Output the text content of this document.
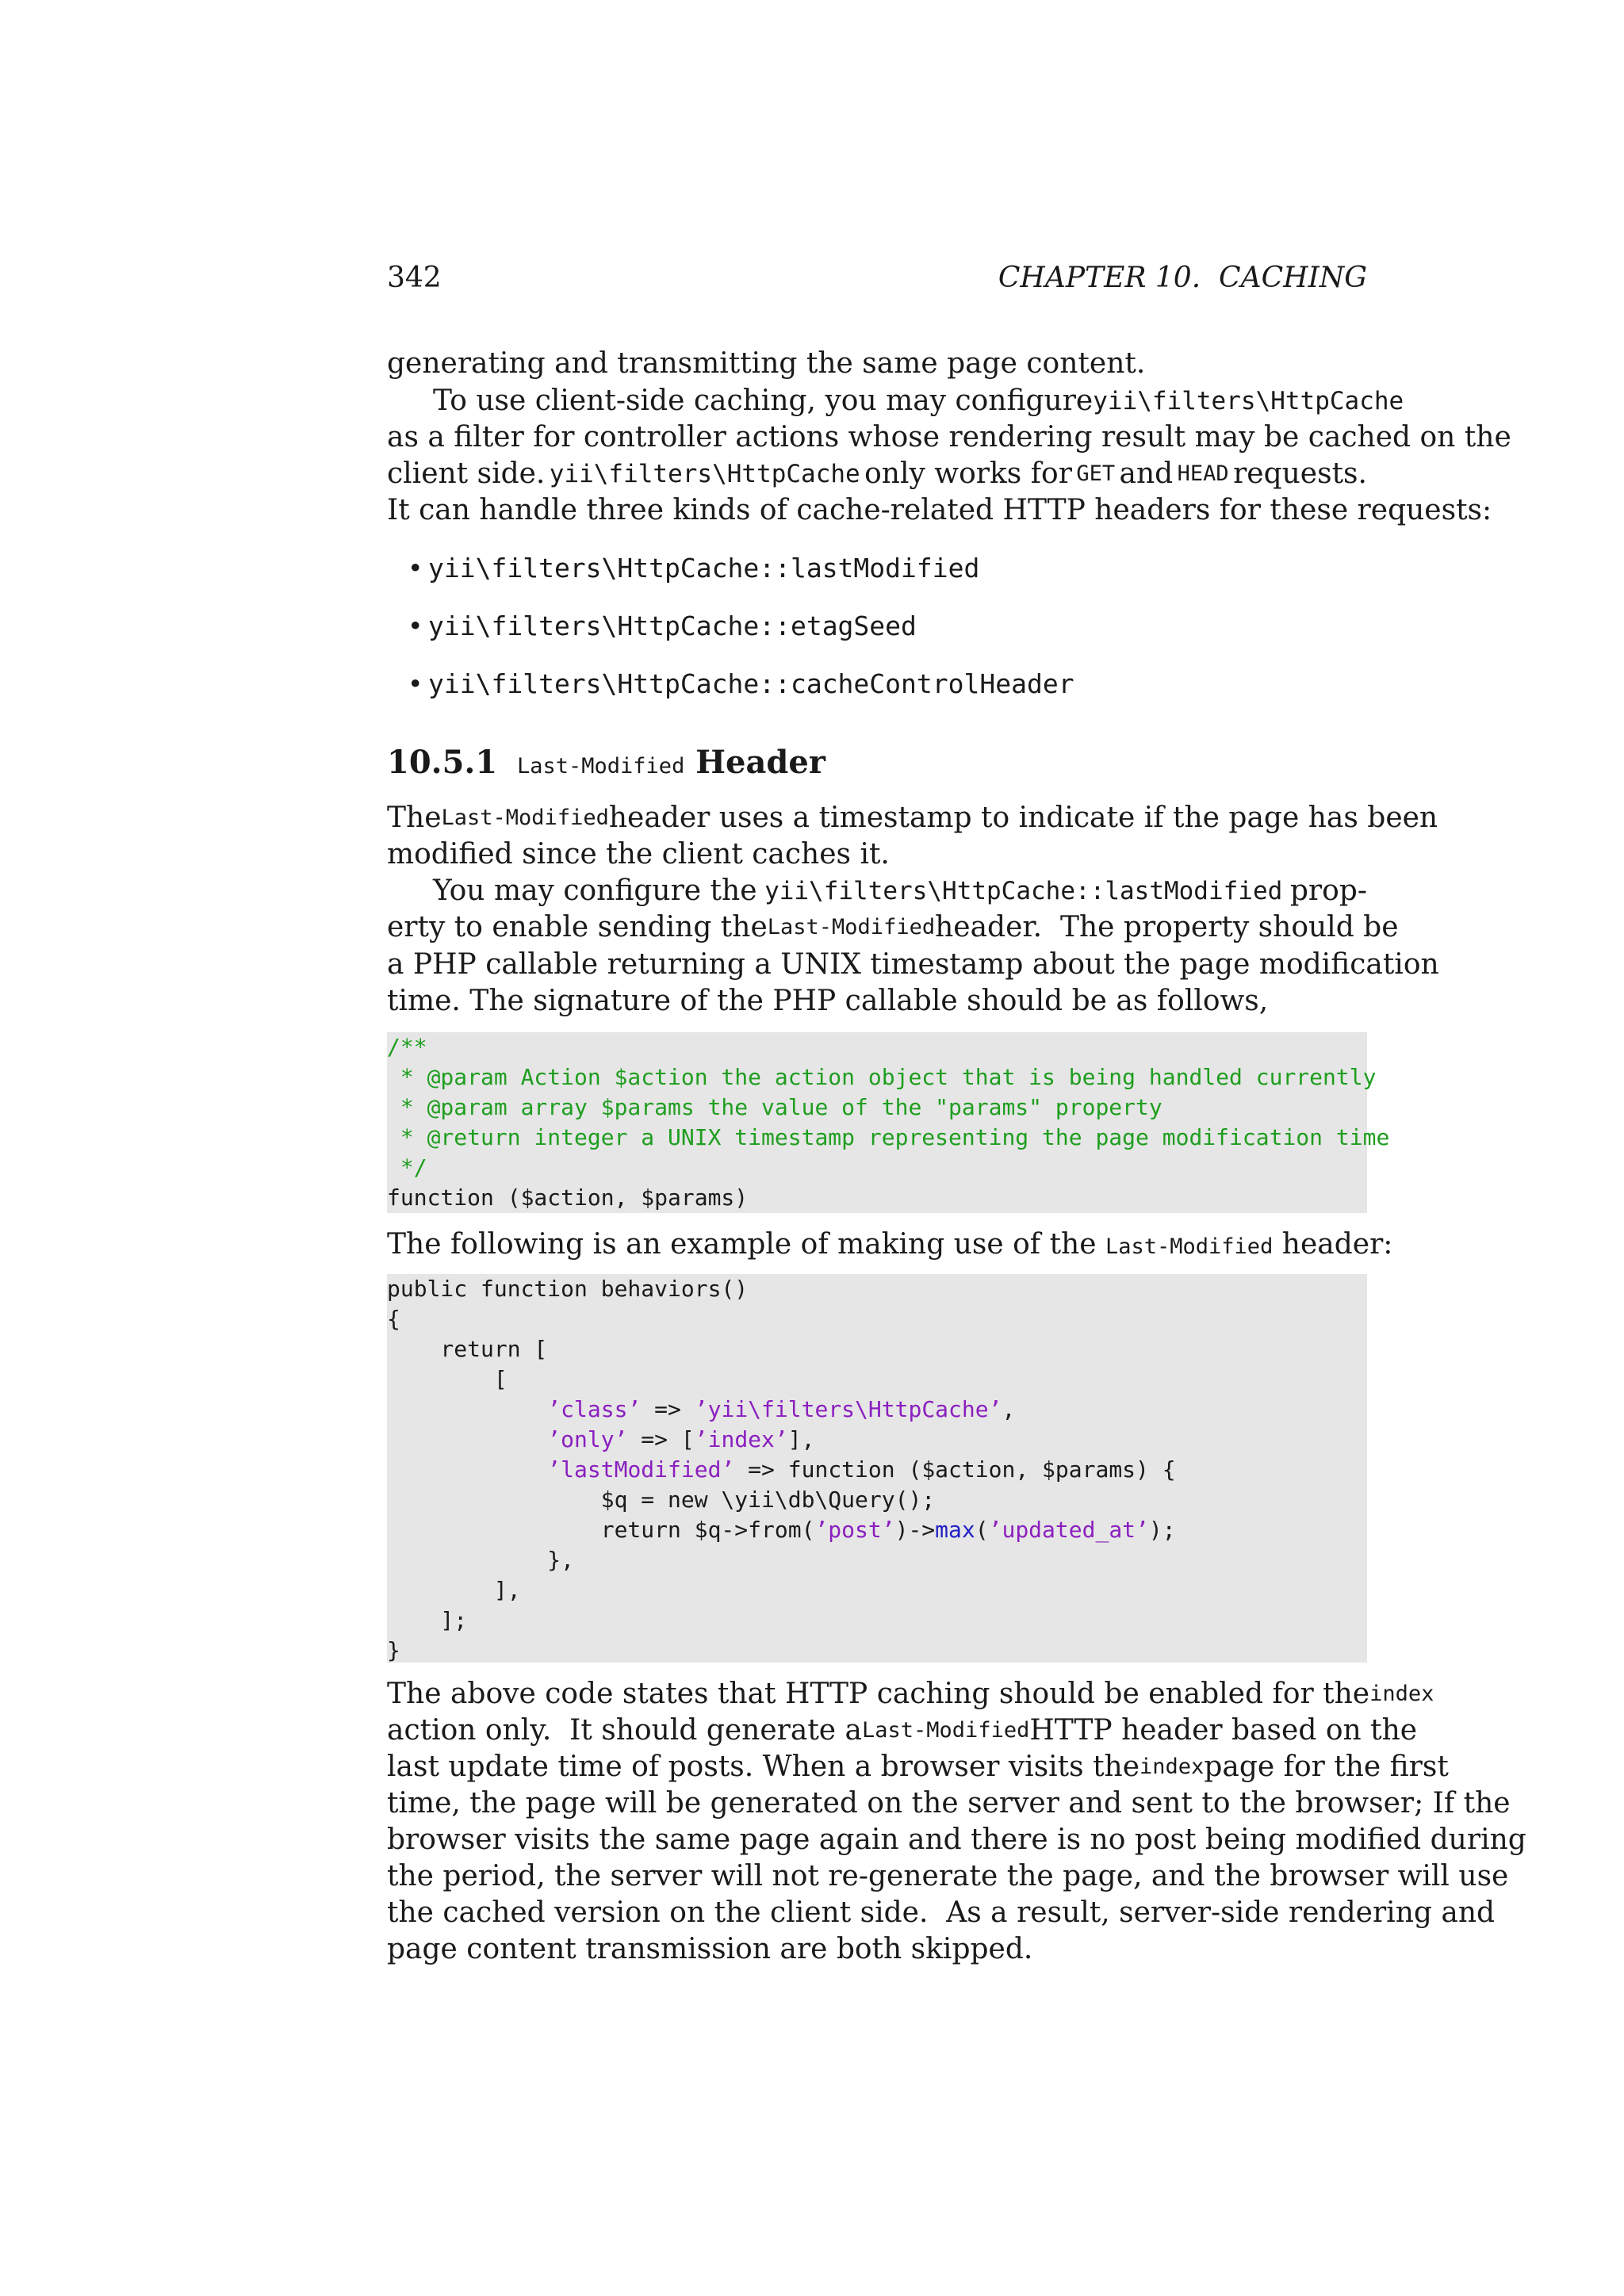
342	CHAPTER 10.  CACHING
generating and transmitting the same page content.
To use client-side caching, you may configure yii\filters\HttpCache
as a filter for controller actions whose rendering result may be cached on the
client side. yii\filters\HttpCache only works for GET and HEAD requests.
It can handle three kinds of cache-related HTTP headers for these requests:
• yii\filters\HttpCache::lastModified
• yii\filters\HttpCache::etagSeed
• yii\filters\HttpCache::cacheControlHeader
10.5.1 Last-Modified Header
The Last-Modified header uses a timestamp to indicate if the page has been
modified since the client caches it.
You may configure the yii\filters\HttpCache::lastModified prop-
erty to enable sending the Last-Modified header.  The property should be
a PHP callable returning a UNIX timestamp about the page modification
time. The signature of the PHP callable should be as follows,
/**
* @param Action $action the action object that is being handled currently
* @param array $params the value of the "params" property
* @return integer a UNIX timestamp representing the page modification time
*/
function ($action, $params)
The following is an example of making use of the Last-Modified header:
public function behaviors()
{
return [
[
’class’ => ’yii\filters\HttpCache’,
’only’ => [’index’],
’lastModified’ => function ($action, $params) {
$q = new \yii\db\Query();
return $q->from(’post’)->max(’updated_at’);
},
],
];
}
The above code states that HTTP caching should be enabled for the index
action only.  It should generate a Last-Modified HTTP header based on the
last update time of posts. When a browser visits the index page for the first
time, the page will be generated on the server and sent to the browser; If the
browser visits the same page again and there is no post being modified during
the period, the server will not re-generate the page, and the browser will use
the cached version on the client side.  As a result, server-side rendering and
page content transmission are both skipped.
